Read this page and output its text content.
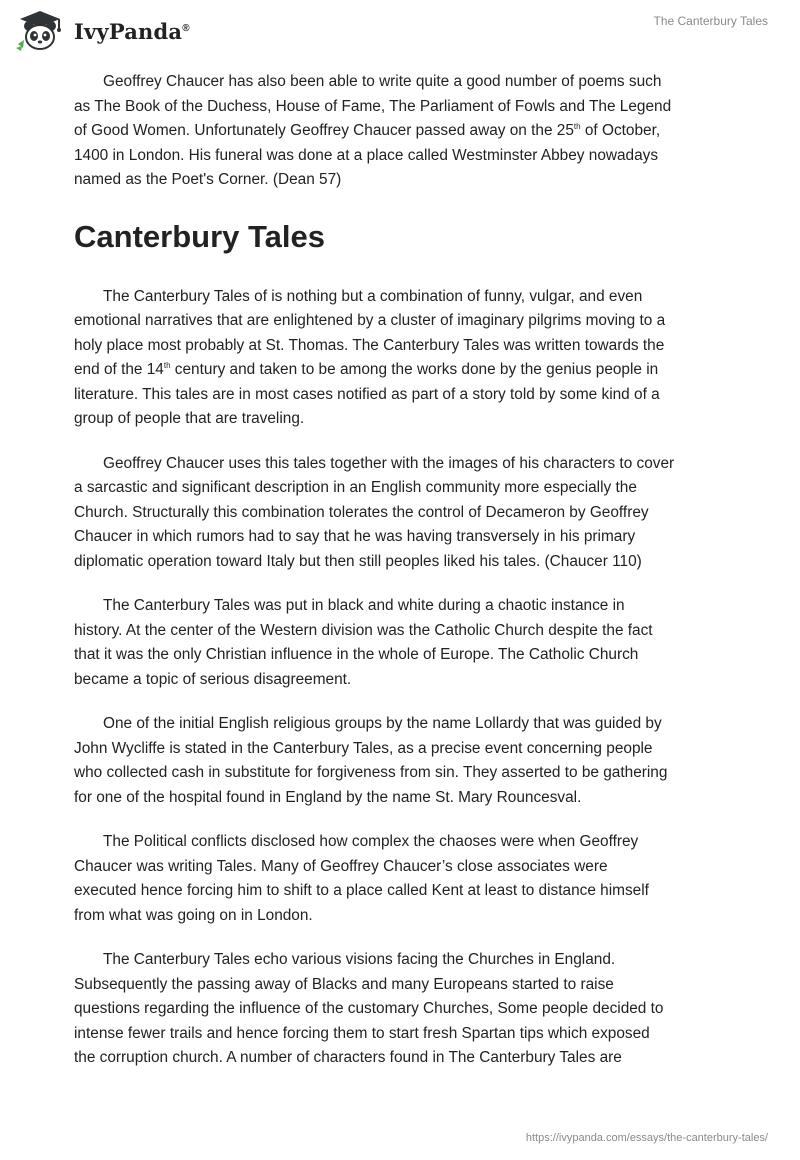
IvyPanda®	The Canterbury Tales

Geoffrey Chaucer has also been able to write quite a good number of poems such
as The Book of the Duchess, House of Fame, The Parliament of Fowls and The Legend
of Good Women. Unfortunately Geoffrey Chaucer passed away on the 25th of October,
1400 in London. His funeral was done at a place called Westminster Abbey nowadays
named as the Poet's Corner. (Dean 57)

Canterbury Tales

The Canterbury Tales of is nothing but a combination of funny, vulgar, and even
emotional narratives that are enlightened by a cluster of imaginary pilgrims moving to a
holy place most probably at St. Thomas. The Canterbury Tales was written towards the
end of the 14th century and taken to be among the works done by the genius people in
literature. This tales are in most cases notified as part of a story told by some kind of a
group of people that are traveling.

Geoffrey Chaucer uses this tales together with the images of his characters to cover
a sarcastic and significant description in an English community more especially the
Church. Structurally this combination tolerates the control of Decameron by Geoffrey
Chaucer in which rumors had to say that he was having transversely in his primary
diplomatic operation toward Italy but then still peoples liked his tales. (Chaucer 110)

The Canterbury Tales was put in black and white during a chaotic instance in
history. At the center of the Western division was the Catholic Church despite the fact
that it was the only Christian influence in the whole of Europe. The Catholic Church
became a topic of serious disagreement.

One of the initial English religious groups by the name Lollardy that was guided by
John Wycliffe is stated in the Canterbury Tales, as a precise event concerning people
who collected cash in substitute for forgiveness from sin. They asserted to be gathering
for one of the hospital found in England by the name St. Mary Rouncesval.

The Political conflicts disclosed how complex the chaoses were when Geoffrey
Chaucer was writing Tales. Many of Geoffrey Chaucer’s close associates were
executed hence forcing him to shift to a place called Kent at least to distance himself
from what was going on in London.

The Canterbury Tales echo various visions facing the Churches in England.
Subsequently the passing away of Blacks and many Europeans started to raise
questions regarding the influence of the customary Churches, Some people decided to
intense fewer trails and hence forcing them to start fresh Spartan tips which exposed
the corruption church. A number of characters found in The Canterbury Tales are

https://ivypanda.com/essays/the-canterbury-tales/
